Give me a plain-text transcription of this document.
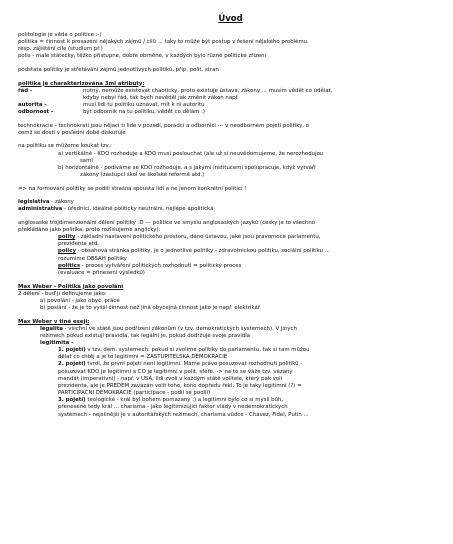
Úvod
politologie je věda o politice :-)
politika = činnost k prosazení nějakých zájmů / cílů ... taky to může být postup v řešení nějakého problému,
resp. zajištění cíle (studium př.)
polis - malé státečky, těžko přístupné, dobře obrněné, v každých bylo různé politické zřízení
podstata politiky je střetávání zájmů jednotlivých politiků, příp. polit. stran
politika je charakterizována 3mi atributy:
řád -	nutný, nemůže existovat chaoticky, proto existuje ústava, zákony ... musím vědět co udělat,
kdyby nebyl řád, tak bych nevěděl jak změnit zákon např.
autorita -	musí lidi tu politiku uznávat, mít k ní autoritu
odbornost -	být odborník na tu politiku, vědět co dělám :)
technokracie - technokrati jsou nějací ti lidé v pozadí, poradci a odborníci --- v neodborném pojetí politiky, o
čemž se dosti v poslední době diskutuje
na politiku se můžeme koukat tzv.:
a) vertikálně - KDO rozhoduje a KDO musí poslouchat (ale už si neuvědomujeme, že nerozhodujou
sami
b) horizontálně - podíváme se KDO rozhoduje, a s jakými institucemi spolupracuje, když vytváří
zákony (zástupci škol ve školské reformě atd.)
=> na formování politiky se podílí strašná spousta lidí a ne jenom konkrétní politici !
legislativa - zákony
administrativa - úředníci, ideálně politicky neutrální, nejlépe apolitická
anglosaské trojdimenzionální dělení politiky :D --- politice ve smyslu anglosaských jazyků (česky je to všechno
překládáno jako politika, proto rozlišujeme anglicky):
polity - základní nastavení politického prostoru, dáno ústavou, jaké jsou pravomoce parlamentu,
prezidenta atd.
policy - obsahová stránka politiky, je o jednotlivé politiky - zdravotnickou politiku, sociální politiku ...
rozumíme OBSAH politiky
politics - proces vytváření politických rozhodnutí = politický proces
(evaluace = přinesení výsledků)
Max Weber - Politika jako povolání
2 dělení - buď ji definujeme jako:
a) povolání - jako obyč. práce
b) poslání - že je to vyšší činnost než jiná obyčejná činnost jako je např. elektrikář
Max Weber v tiné esejí:
legalita - všichni ve státě jsou podřízení zákonům (v tzv. demokratických systémech). V jiných
režimech pokud existují pravidla, tak legální je, pokud dodržuje svoje pravidla
legitimita -
1. pojetí) v tzv. dem. systémech: pokud si zvolíme politiky do parlamentu, tak si tam můžou
dělat co chtěj a je to legitimní = ZASTUPITELSKÁ DEMOKRACIE
2. pojetí) tvrdí, že první pojetí není legitimní. Máme právo posuzovat rozhodnutí politiků -
posuzovat KDO je legitimní a CO je legitimní v polit. sféře. -> na to se váže tzv. vázaný
mandát (imperativní) - např. v USA, lidi zvolí v každým státě volitele, který pak volí
prezidenta, ale je PŘEDEM zavázán volit toho, koho dopředu řekl. To je taky legitimní (?) =
PARTICIPAČNÍ DEMOKRACIE (participace - podíl se podílí)
3. pojetí) teologické - král byl bohem pomazaný :) a legitimní bylo co si myslí bůh,
přenesené tedy král ... charisma - jako legitimizující faktor vlády v nedemokratických
systémech - nejsilnější je v autoritářských režimech, charisma vůdce - Chávez, Fidel, Putin ...
